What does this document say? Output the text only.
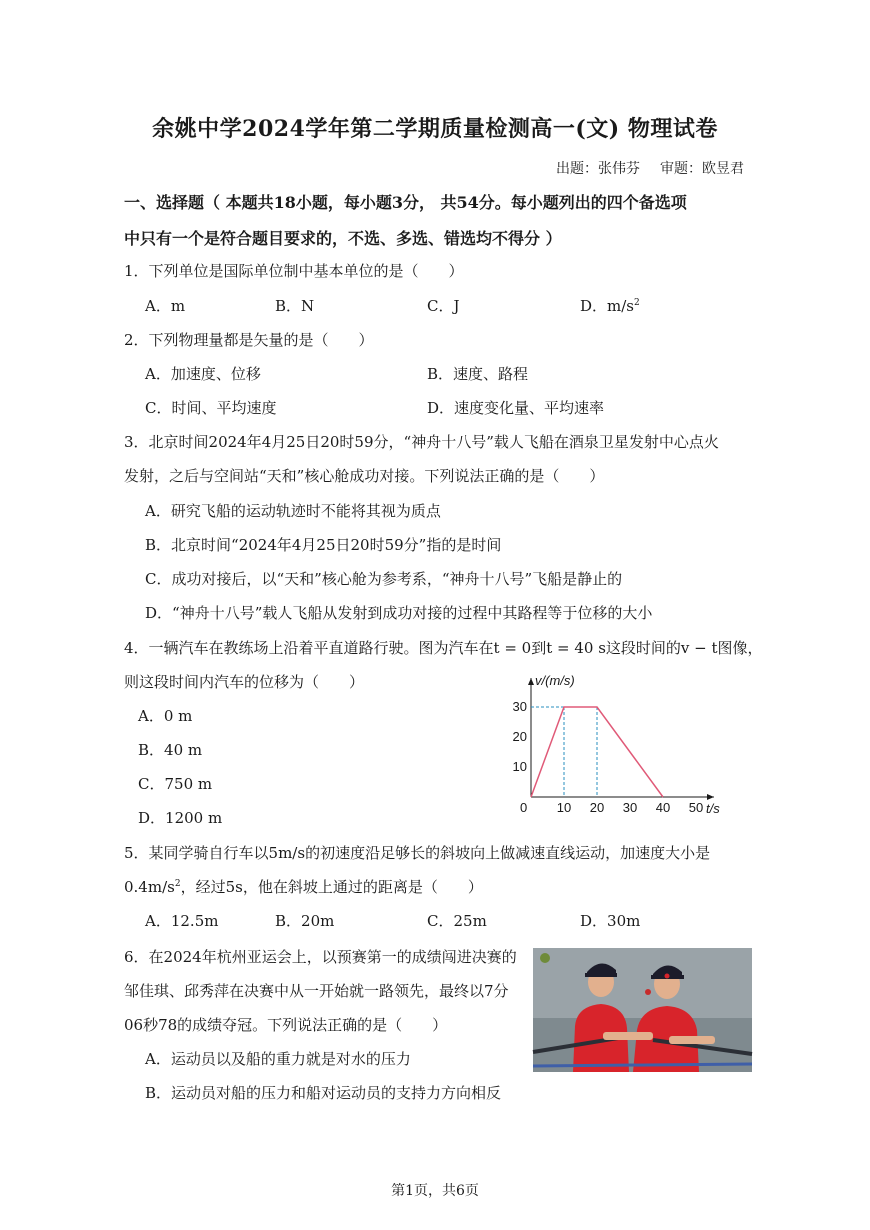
余姚中学2024学年第二学期质量检测高一(文) 物理试卷
出题：张伟芬 审题：欧昱君
一、选择题（ 本题共18小题，每小题3分， 共54分。每小题列出的四个备选项
中只有一个是符合题目要求的，不选、多选、错选均不得分 ）
1．下列单位是国际单位制中基本单位的是（　　）
A．m	B．N	C．J	D．$m/s^2$
2．下列物理量都是矢量的是（　　）
A．加速度、位移	B．速度、路程
C．时间、平均速度	D．速度变化量、平均速率
3．北京时间2024年4月25日20时59分，“神舟十八号”载人飞船在酒泉卫星发射中心点火
发射，之后与空间站“天和”核心舱成功对接。下列说法正确的是（　　）
A．研究飞船的运动轨迹时不能将其视为质点
B．北京时间“2024年4月25日20时59分”指的是时间
C．成功对接后，以“天和”核心舱为参考系，“神舟十八号”飞船是静止的
D．“神舟十八号”载人飞船从发射到成功对接的过程中其路程等于位移的大小
4．一辆汽车在教练场上沿着平直道路行驶。图为汽车在t = 0到t = 40 s这段时间的v − t图像，
则这段时间内汽车的位移为（　　）
A．0 m
B．40 m
C．750 m
D．1200 m
0 10 20 30 40 50
10
20
30
v/(m/s)
t/s
5．某同学骑自行车以5m/s的初速度沿足够长的斜坡向上做减速直线运动，加速度大小是
$0.4m/s^2$，经过5s，他在斜坡上通过的距离是（　　）
A．12.5m	B．20m	C．25m	D．30m
6．在2024年杭州亚运会上，以预赛第一的成绩闯进决赛的
邹佳琪、邱秀萍在决赛中从一开始就一路领先，最终以7分
06秒78的成绩夺冠。下列说法正确的是（　　）
A．运动员以及船的重力就是对水的压力
B．运动员对船的压力和船对运动员的支持力方向相反
第1页，共6页
